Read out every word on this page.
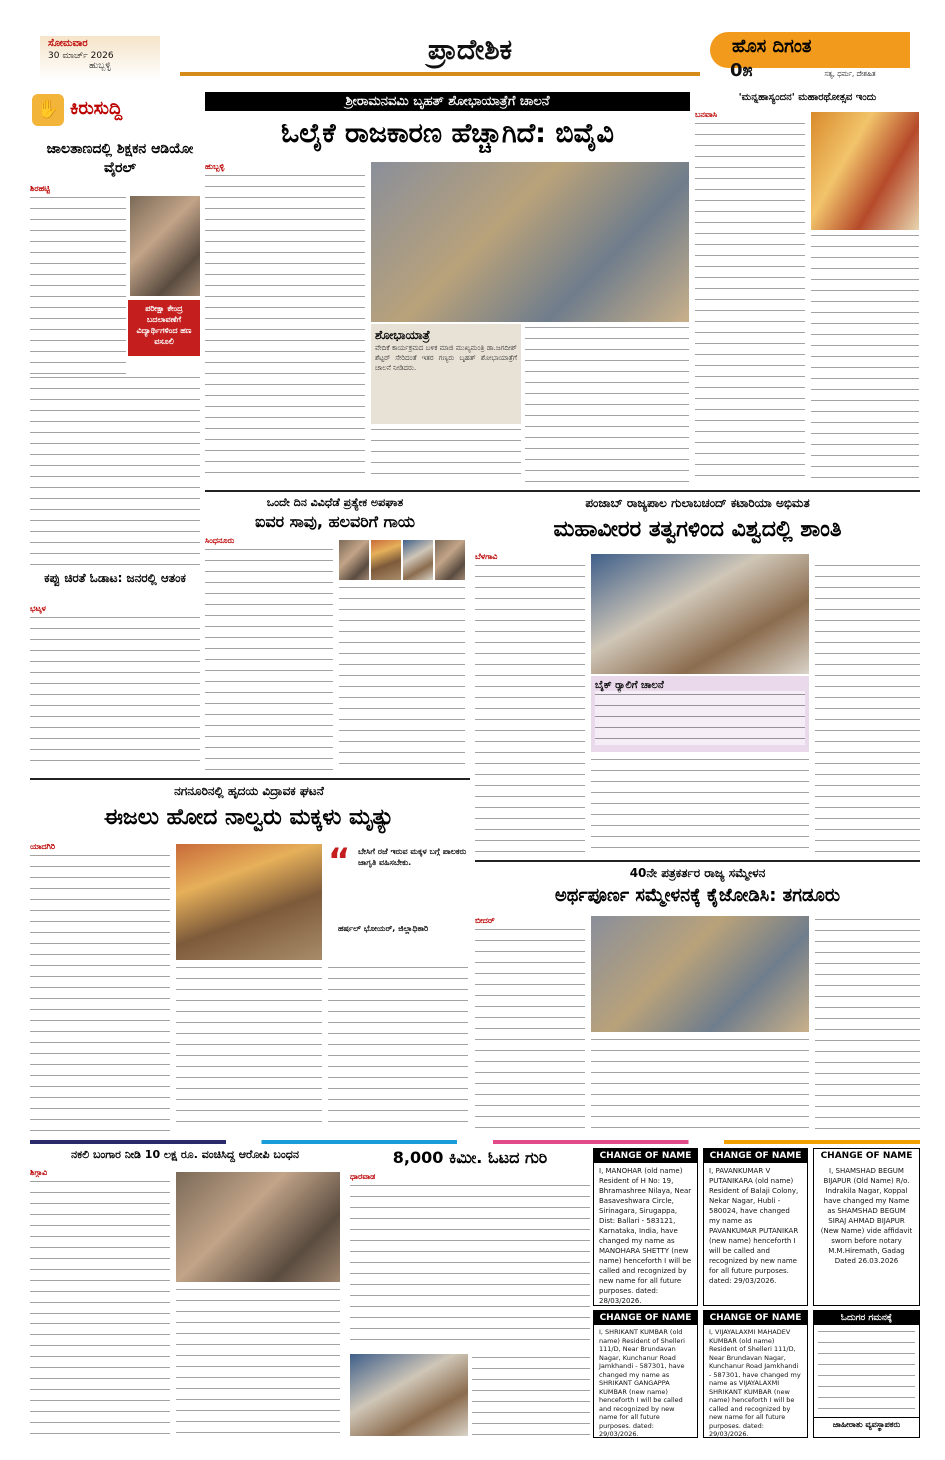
ಸೋಮವಾರ
30 ಮಾರ್ಚ್ 2026
ಹುಬ್ಬಳ್ಳಿ	ಪ್ರಾದೇಶಿಕ	ಹೊಸ ದಿಗಂತ
ಸತ್ಯ, ಧರ್ಮ, ದೇಶಹಿತ
0೫
✋ ಕಿರುಸುದ್ದಿ
ಜಾಲತಾಣದಲ್ಲಿ ಶಿಕ್ಷಕನ ಆಡಿಯೋ ವೈರಲ್
ಶಿರಹಟ್ಟಿ
ಪರೀಕ್ಷಾ ಕೇಂದ್ರ ಬದಲಾವಣೆಗೆ ವಿದ್ಯಾರ್ಥಿಗಳಿಂದ ಹಣ ವಸೂಲಿ
ಕಪ್ಪು ಚಿರತೆ ಓಡಾಟ: ಜನರಲ್ಲಿ ಆತಂಕ
ಭಟ್ಕಳ
ಶ್ರೀರಾಮನವಮಿ ಬೃಹತ್ ಶೋಭಾಯಾತ್ರೆಗೆ ಚಾಲನೆ
ಓಲೈಕೆ ರಾಜಕಾರಣ ಹೆಚ್ಚಾಗಿದೆ: ಬಿವೈವಿ
ಹುಬ್ಬಳ್ಳಿ
ಶೋಭಾಯಾತ್ರೆ
ವೇದಿಕೆ ಕಾರ್ಯಕ್ರಮದ ಬಳಿಕ ಮಾಜಿ ಮುಖ್ಯಮಂತ್ರಿ ಡಾ.ಜಗದೀಶ್ ಶೆಟ್ಟರ್ ಸೇರಿದಂತೆ ಇತರ ಗಣ್ಯರು ಬೃಹತ್ ಶೋಭಾಯಾತ್ರೆಗೆ ಚಾಲನೆ ನೀಡಿದರು.
'ಮನ್ನಹಾಸ್ಯಂದನ' ಮಹಾರಥೋತ್ಸವ ಇಂದು
ಬನವಾಸಿ
ಒಂದೇ ದಿನ ವಿವಿಧೆಡೆ ಪ್ರತ್ಯೇಕ ಅಪಘಾತ
ಐವರ ಸಾವು, ಹಲವರಿಗೆ ಗಾಯ
ಸಿಂಧನೂರು
ಪಂಜಾಬ್ ರಾಜ್ಯಪಾಲ ಗುಲಾಬಚಂದ್ ಕಟಾರಿಯಾ ಅಭಿಮತ
ಮಹಾವೀರರ ತತ್ವಗಳಿಂದ ವಿಶ್ವದಲ್ಲಿ ಶಾಂತಿ
ಬೆಳಗಾವಿ
ಬೈಕ್ ರ‍್ಯಾಲಿಗೆ ಚಾಲನೆ
ನಗನೂರಿನಲ್ಲಿ ಹೃದಯ ವಿದ್ರಾವಕ ಘಟನೆ
ಈಜಲು ಹೋದ ನಾಲ್ವರು ಮಕ್ಕಳು ಮೃತ್ಯು
ಯಾದಗಿರಿ	“ ಬೇಸಿಗೆ ರಜೆ ಇರುವ ಮಕ್ಕಳ ಬಗ್ಗೆ ಪಾಲಕರು ಜಾಗೃತಿ ವಹಿಸಬೇಕು.
ಹರ್ಷಲ್ ಭೋಯರ್, ಜಿಲ್ಲಾಧಿಕಾರಿ
40ನೇ ಪತ್ರಕರ್ತರ ರಾಜ್ಯ ಸಮ್ಮೇಳನ
ಅರ್ಥಪೂರ್ಣ ಸಮ್ಮೇಳನಕ್ಕೆ ಕೈಜೋಡಿಸಿ: ತಗಡೂರು
ಬೀದರ್
ನಕಲಿ ಬಂಗಾರ ನೀಡಿ 10 ಲಕ್ಷ ರೂ. ವಂಚಿಸಿದ್ದ ಆರೋಪಿ ಬಂಧನ
ಶಿಗ್ಗಾವಿ
8,000 ಕಿಮೀ. ಓಟದ ಗುರಿ
ಧಾರವಾಡ
CHANGE OF NAME
I, MANOHAR (old name) Resident of H No: 19, Bhramashree Nilaya, Near Basaveshwara Circle, Sirinagara, Sirugappa, Dist: Ballari - 583121, Karnataka, India, have changed my name as MANOHARA SHETTY (new name) henceforth I will be called and recognized by new name for all future purposes. dated: 28/03/2026.
CHANGE OF NAME
I, PAVANKUMAR V PUTANIKARA (old name) Resident of Balaji Colony, Nekar Nagar, Hubli - 580024, have changed my name as PAVANKUMAR PUTANIKAR (new name) henceforth I will be called and recognized by new name for all future purposes. dated: 29/03/2026.
CHANGE OF NAME
I, SHAMSHAD BEGUM BIJAPUR (Old Name) R/o. Indrakila Nagar, Koppal have changed my Name as SHAMSHAD BEGUM SIRAJ AHMAD BIJAPUR (New Name) vide affidavit sworn before notary M.M.Hiremath, Gadag Dated 26.03.2026
CHANGE OF NAME
I, SHRIKANT KUMBAR (old name) Resident of Shelleri 111/D, Near Brundavan Nagar, Kunchanur Road Jamkhandi - 587301, have changed my name as SHRIKANT GANGAPPA KUMBAR (new name) henceforth I will be called and recognized by new name for all future purposes. dated: 29/03/2026.
CHANGE OF NAME
I, VIJAYALAXMI MAHADEV KUMBAR (old name) Resident of Shelleri 111/D, Near Brundavan Nagar, Kunchanur Road Jamkhandi - 587301, have changed my name as VIJAYALAXMI SHRIKANT KUMBAR (new name) henceforth I will be called and recognized by new name for all future purposes. dated: 29/03/2026.
ಓದುಗರ ಗಮನಕ್ಕೆ
ಜಾಹೀರಾತು ವ್ಯವಸ್ಥಾಪಕರು
